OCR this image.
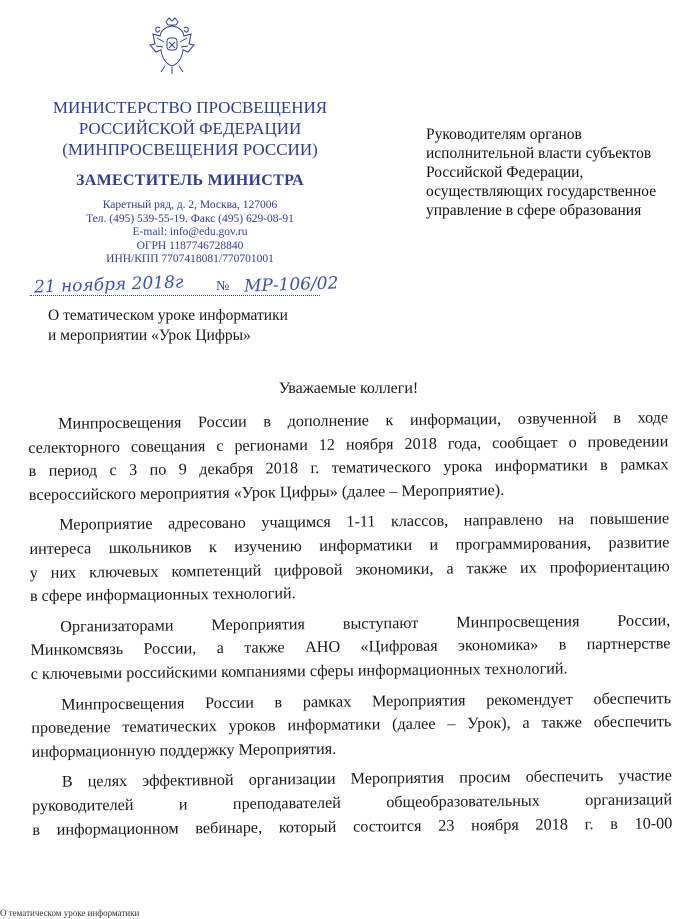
МИНИСТЕРСТВО ПРОСВЕЩЕНИЯ
РОССИЙСКОЙ ФЕДЕРАЦИИ
(МИНПРОСВЕЩЕНИЯ РОССИИ)
ЗАМЕСТИТЕЛЬ МИНИСТРА
Каретный ряд, д. 2, Москва, 127006
Тел. (495) 539-55-19. Факс (495) 629-08-91
E-mail: info@edu.gov.ru
ОГРН 1187746728840
ИНН/КПП 7707418081/770701001
Руководителям органов
исполнительной власти субъектов
Российской Федерации,
осуществляющих государственное
управление в сфере образования
21 ноября 2018г № МР-106/02
О тематическом уроке информатики
и мероприятии «Урок Цифры»
Уважаемые коллеги!
Минпросвещения России в дополнение к информации, озвученной в ходе
селекторного совещания с регионами 12 ноября 2018 года, сообщает о проведении
в период с 3 по 9 декабря 2018 г. тематического урока информатики в рамках
всероссийского мероприятия «Урок Цифры» (далее – Мероприятие).
Мероприятие адресовано учащимся 1-11 классов, направлено на повышение
интереса школьников к изучению информатики и программирования, развитие
у них ключевых компетенций цифровой экономики, а также их профориентацию
в сфере информационных технологий.
Организаторами Мероприятия выступают Минпросвещения России,
Минкомсвязь России, а также АНО «Цифровая экономика» в партнерстве
с ключевыми российскими компаниями сферы информационных технологий.
Минпросвещения России в рамках Мероприятия рекомендует обеспечить
проведение тематических уроков информатики (далее – Урок), а также обеспечить
информационную поддержку Мероприятия.
В целях эффективной организации Мероприятия просим обеспечить участие
руководителей и преподавателей общеобразовательных организаций
в информационном вебинаре, который состоится 23 ноября 2018 г. в 10-00
О тематическом уроке информатики
